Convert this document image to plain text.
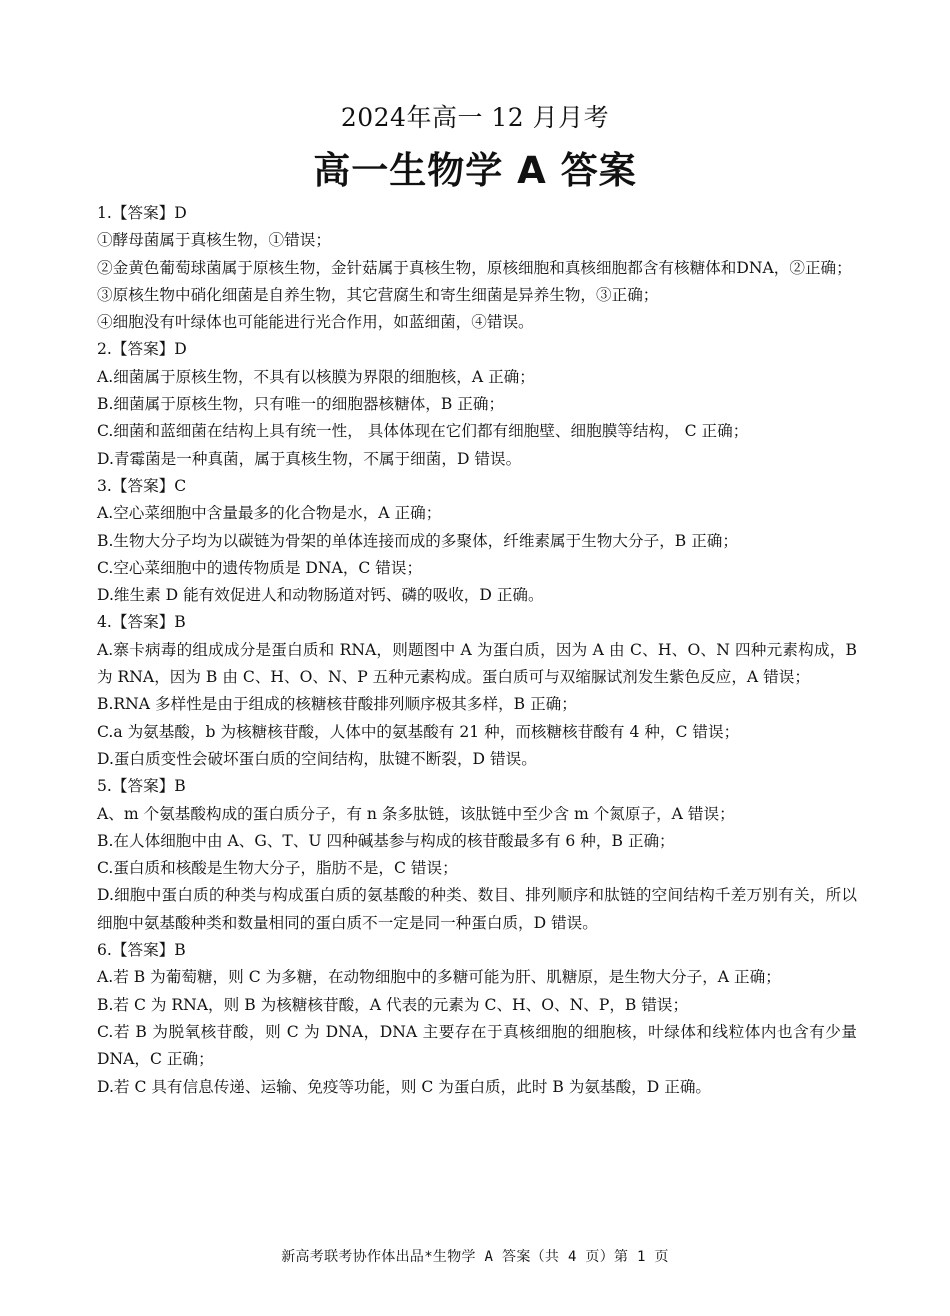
2024年高一 12 月月考
高一生物学 A 答案

1.【答案】D

①酵母菌属于真核生物，①错误；

②金黄色葡萄球菌属于原核生物，金针菇属于真核生物，原核细胞和真核细胞都含有核糖体和DNA，②正确；

③原核生物中硝化细菌是自养生物，其它营腐生和寄生细菌是异养生物，③正确；

④细胞没有叶绿体也可能能进行光合作用，如蓝细菌，④错误。

2.【答案】D

A.细菌属于原核生物，不具有以核膜为界限的细胞核，A 正确；

B.细菌属于原核生物，只有唯一的细胞器核糖体，B 正确；

C.细菌和蓝细菌在结构上具有统一性， 具体体现在它们都有细胞壁、细胞膜等结构， C 正确；

D.青霉菌是一种真菌，属于真核生物，不属于细菌，D 错误。

3.【答案】C

A.空心菜细胞中含量最多的化合物是水，A 正确；

B.生物大分子均为以碳链为骨架的单体连接而成的多聚体，纤维素属于生物大分子，B 正确；

C.空心菜细胞中的遗传物质是 DNA，C 错误；

D.维生素 D 能有效促进人和动物肠道对钙、磷的吸收，D 正确。

4.【答案】B

A.寨卡病毒的组成成分是蛋白质和 RNA，则题图中 A 为蛋白质，因为 A 由 C、H、O、N 四种元素构成，B 为 RNA，因为 B 由 C、H、O、N、P 五种元素构成。蛋白质可与双缩脲试剂发生紫色反应，A 错误；

B.RNA 多样性是由于组成的核糖核苷酸排列顺序极其多样，B 正确；

C.a 为氨基酸，b 为核糖核苷酸，人体中的氨基酸有 21 种，而核糖核苷酸有 4 种，C 错误；

D.蛋白质变性会破坏蛋白质的空间结构，肽键不断裂，D 错误。

5.【答案】B

A、m 个氨基酸构成的蛋白质分子，有 n 条多肽链，该肽链中至少含 m 个氮原子，A 错误；

B.在人体细胞中由 A、G、T、U 四种碱基参与构成的核苷酸最多有 6 种，B 正确；

C.蛋白质和核酸是生物大分子，脂肪不是，C 错误；

D.细胞中蛋白质的种类与构成蛋白质的氨基酸的种类、数目、排列顺序和肽链的空间结构千差万别有关，所以细胞中氨基酸种类和数量相同的蛋白质不一定是同一种蛋白质，D 错误。

6.【答案】B

A.若 B 为葡萄糖，则 C 为多糖，在动物细胞中的多糖可能为肝、肌糖原，是生物大分子，A 正确；

B.若 C 为 RNA，则 B 为核糖核苷酸，A 代表的元素为 C、H、O、N、P，B 错误；

C.若 B 为脱氧核苷酸，则 C 为 DNA，DNA 主要存在于真核细胞的细胞核，叶绿体和线粒体内也含有少量 DNA，C 正确；

D.若 C 具有信息传递、运输、免疫等功能，则 C 为蛋白质，此时 B 为氨基酸，D 正确。

新高考联考协作体出品*生物学 A 答案（共 4 页）第 1 页
